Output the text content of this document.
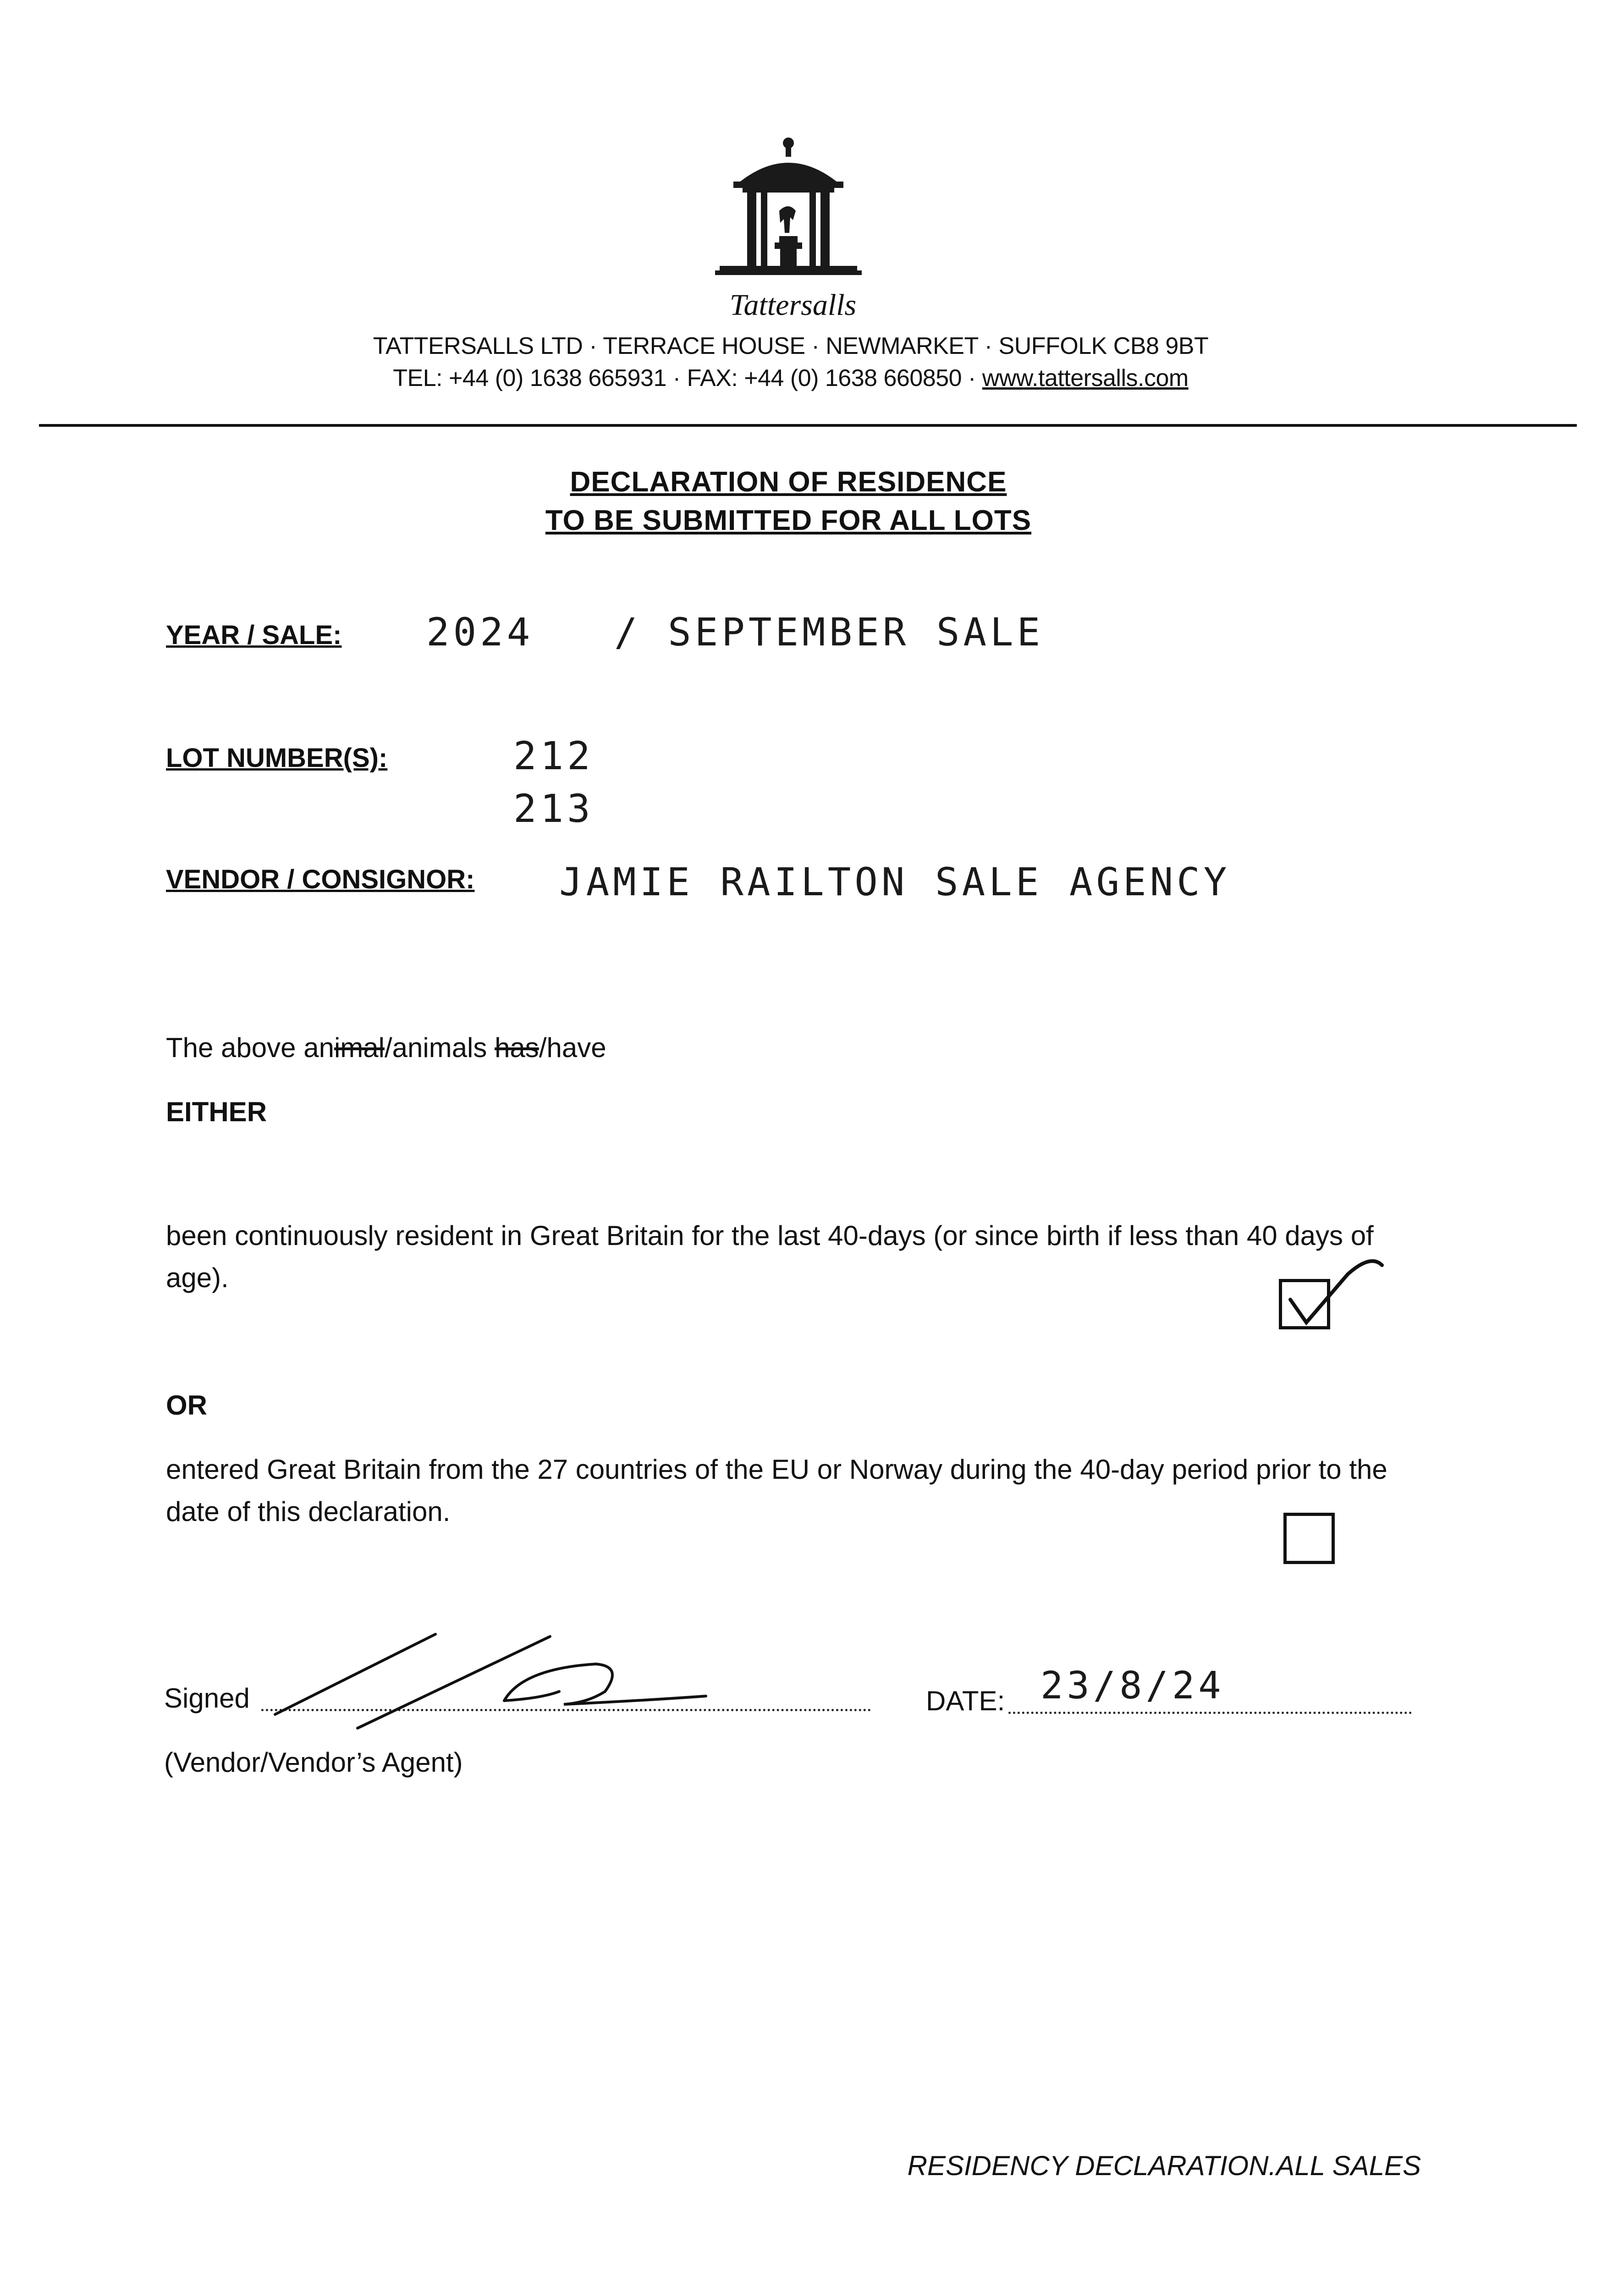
Tattersalls
TATTERSALLS LTD · TERRACE HOUSE · NEWMARKET · SUFFOLK CB8 9BT
TEL: +44 (0) 1638 665931 · FAX: +44 (0) 1638 660850 · www.tattersalls.com
DECLARATION OF RESIDENCE
TO BE SUBMITTED FOR ALL LOTS
YEAR / SALE: 2024 / SEPTEMBER SALE
LOT NUMBER(S):	212
213
VENDOR / CONSIGNOR: JAMIE RAILTON SALE AGENCY
The above animal/animals has/have
EITHER
been continuously resident in Great Britain for the last 40-days (or since birth if less than 40 days of age).
OR
entered Great Britain from the 27 countries of the EU or Norway during the 40-day period prior to the date of this declaration.
Signed	DATE: 23/8/24
(Vendor/Vendor’s Agent)
RESIDENCY DECLARATION.ALL SALES
